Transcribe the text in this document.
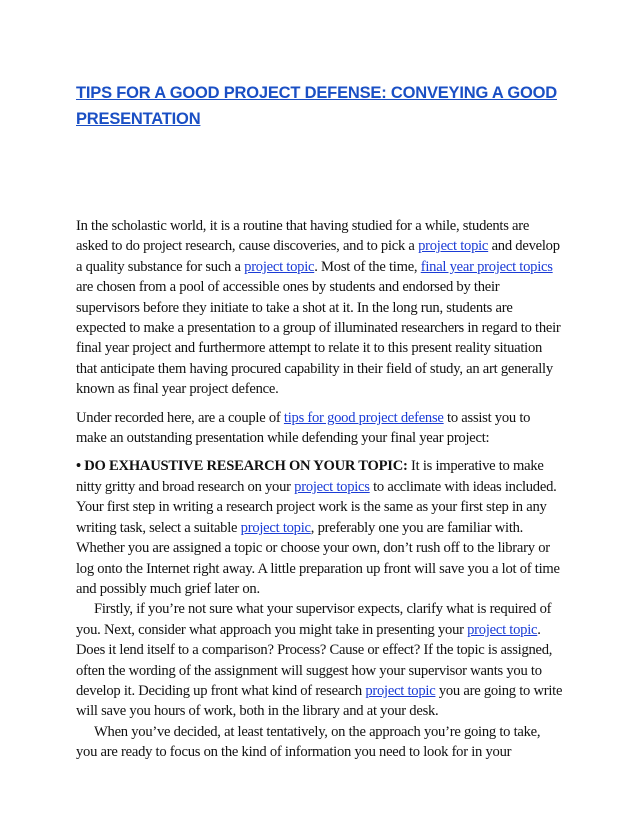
TIPS FOR A GOOD PROJECT DEFENSE: CONVEYING A GOOD PRESENTATION

In the scholastic world, it is a routine that having studied for a while, students are asked to do project research, cause discoveries, and to pick a project topic and develop a quality substance for such a project topic. Most of the time, final year project topics are chosen from a pool of accessible ones by students and endorsed by their supervisors before they initiate to take a shot at it. In the long run, students are expected to make a presentation to a group of illuminated researchers in regard to their final year project and furthermore attempt to relate it to this present reality situation that anticipate them having procured capability in their field of study, an art generally known as final year project defence.

Under recorded here, are a couple of tips for good project defense to assist you to make an outstanding presentation while defending your final year project:

• DO EXHAUSTIVE RESEARCH ON YOUR TOPIC: It is imperative to make nitty gritty and broad research on your project topics to acclimate with ideas included. Your first step in writing a research project work is the same as your first step in any writing task, select a suitable project topic, preferably one you are familiar with. Whether you are assigned a topic or choose your own, don’t rush off to the library or log onto the Internet right away. A little preparation up front will save you a lot of time and possibly much grief later on.

Firstly, if you’re not sure what your supervisor expects, clarify what is required of you. Next, consider what approach you might take in presenting your project topic. Does it lend itself to a comparison? Process? Cause or effect? If the topic is assigned, often the wording of the assignment will suggest how your supervisor wants you to develop it. Deciding up front what kind of research project topic you are going to write will save you hours of work, both in the library and at your desk.

When you’ve decided, at least tentatively, on the approach you’re going to take, you are ready to focus on the kind of information you need to look for in your
